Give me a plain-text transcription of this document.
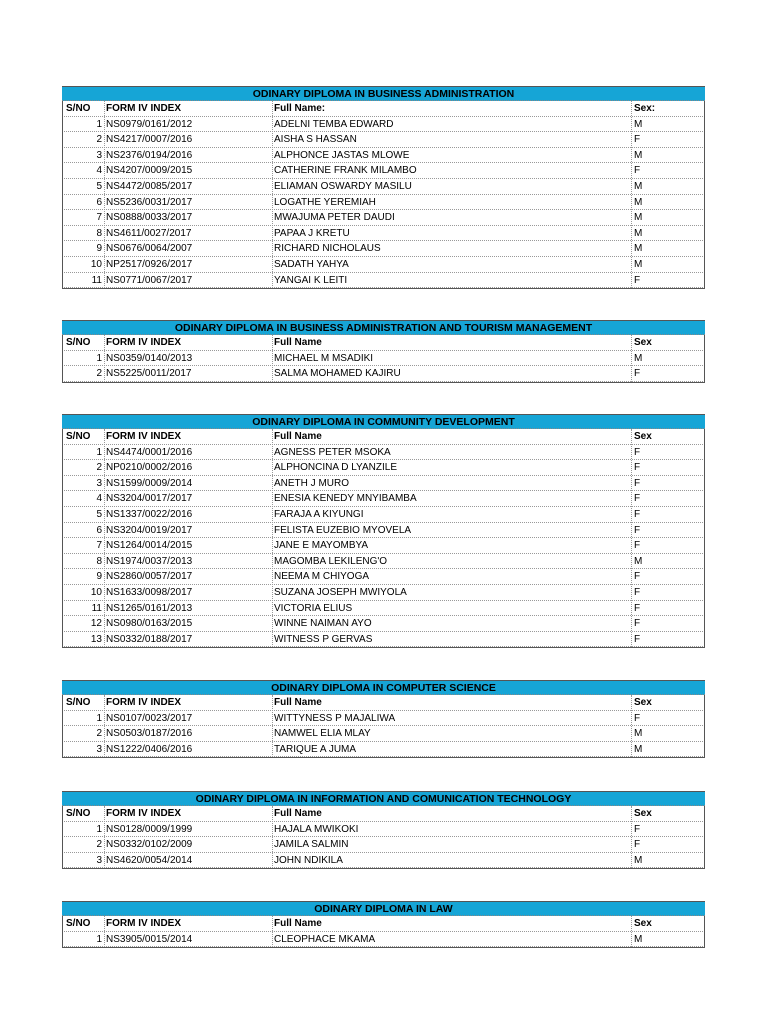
ODINARY DIPLOMA IN BUSINESS ADMINISTRATION
S/NO	FORM IV INDEX	Full Name:	Sex:
1 NS0979/0161/2012	ADELNI TEMBA EDWARD	M
2 NS4217/0007/2016	AISHA S HASSAN	F
3 NS2376/0194/2016	ALPHONCE JASTAS MLOWE	M
4 NS4207/0009/2015	CATHERINE FRANK MILAMBO	F
5 NS4472/0085/2017	ELIAMAN OSWARDY MASILU	M
6 NS5236/0031/2017	LOGATHE YEREMIAH	M
7 NS0888/0033/2017	MWAJUMA PETER DAUDI	M
8 NS4611/0027/2017	PAPAA J KRETU	M
9 NS0676/0064/2007	RICHARD NICHOLAUS	M
10 NP2517/0926/2017	SADATH YAHYA	M
11 NS0771/0067/2017	YANGAI K LEITI	F
ODINARY DIPLOMA IN BUSINESS ADMINISTRATION AND TOURISM MANAGEMENT
S/NO	FORM IV INDEX	Full Name	Sex
1 NS0359/0140/2013	MICHAEL M MSADIKI	M
2 NS5225/0011/2017	SALMA MOHAMED KAJIRU	F
ODINARY DIPLOMA IN COMMUNITY DEVELOPMENT
S/NO	FORM IV INDEX	Full Name	Sex
1 NS4474/0001/2016	AGNESS PETER MSOKA	F
2 NP0210/0002/2016	ALPHONCINA D LYANZILE	F
3 NS1599/0009/2014	ANETH J MURO	F
4 NS3204/0017/2017	ENESIA KENEDY MNYIBAMBA	F
5 NS1337/0022/2016	FARAJA A KIYUNGI	F
6 NS3204/0019/2017	FELISTA EUZEBIO MYOVELA	F
7 NS1264/0014/2015	JANE E MAYOMBYA	F
8 NS1974/0037/2013	MAGOMBA LEKILENG'O	M
9 NS2860/0057/2017	NEEMA M CHIYOGA	F
10 NS1633/0098/2017	SUZANA JOSEPH MWIYOLA	F
11 NS1265/0161/2013	VICTORIA ELIUS	F
12 NS0980/0163/2015	WINNE NAIMAN AYO	F
13 NS0332/0188/2017	WITNESS P GERVAS	F
ODINARY DIPLOMA IN COMPUTER SCIENCE
S/NO	FORM IV INDEX	Full Name	Sex
1 NS0107/0023/2017	WITTYNESS P MAJALIWA	F
2 NS0503/0187/2016	NAMWEL ELIA MLAY	M
3 NS1222/0406/2016	TARIQUE A JUMA	M
ODINARY DIPLOMA IN INFORMATION AND COMUNICATION TECHNOLOGY
S/NO	FORM IV INDEX	Full Name	Sex
1 NS0128/0009/1999	HAJALA MWIKOKI	F
2 NS0332/0102/2009	JAMILA SALMIN	F
3 NS4620/0054/2014	JOHN NDIKILA	M
ODINARY DIPLOMA IN LAW
S/NO	FORM IV INDEX	Full Name	Sex
1 NS3905/0015/2014	CLEOPHACE MKAMA	M
